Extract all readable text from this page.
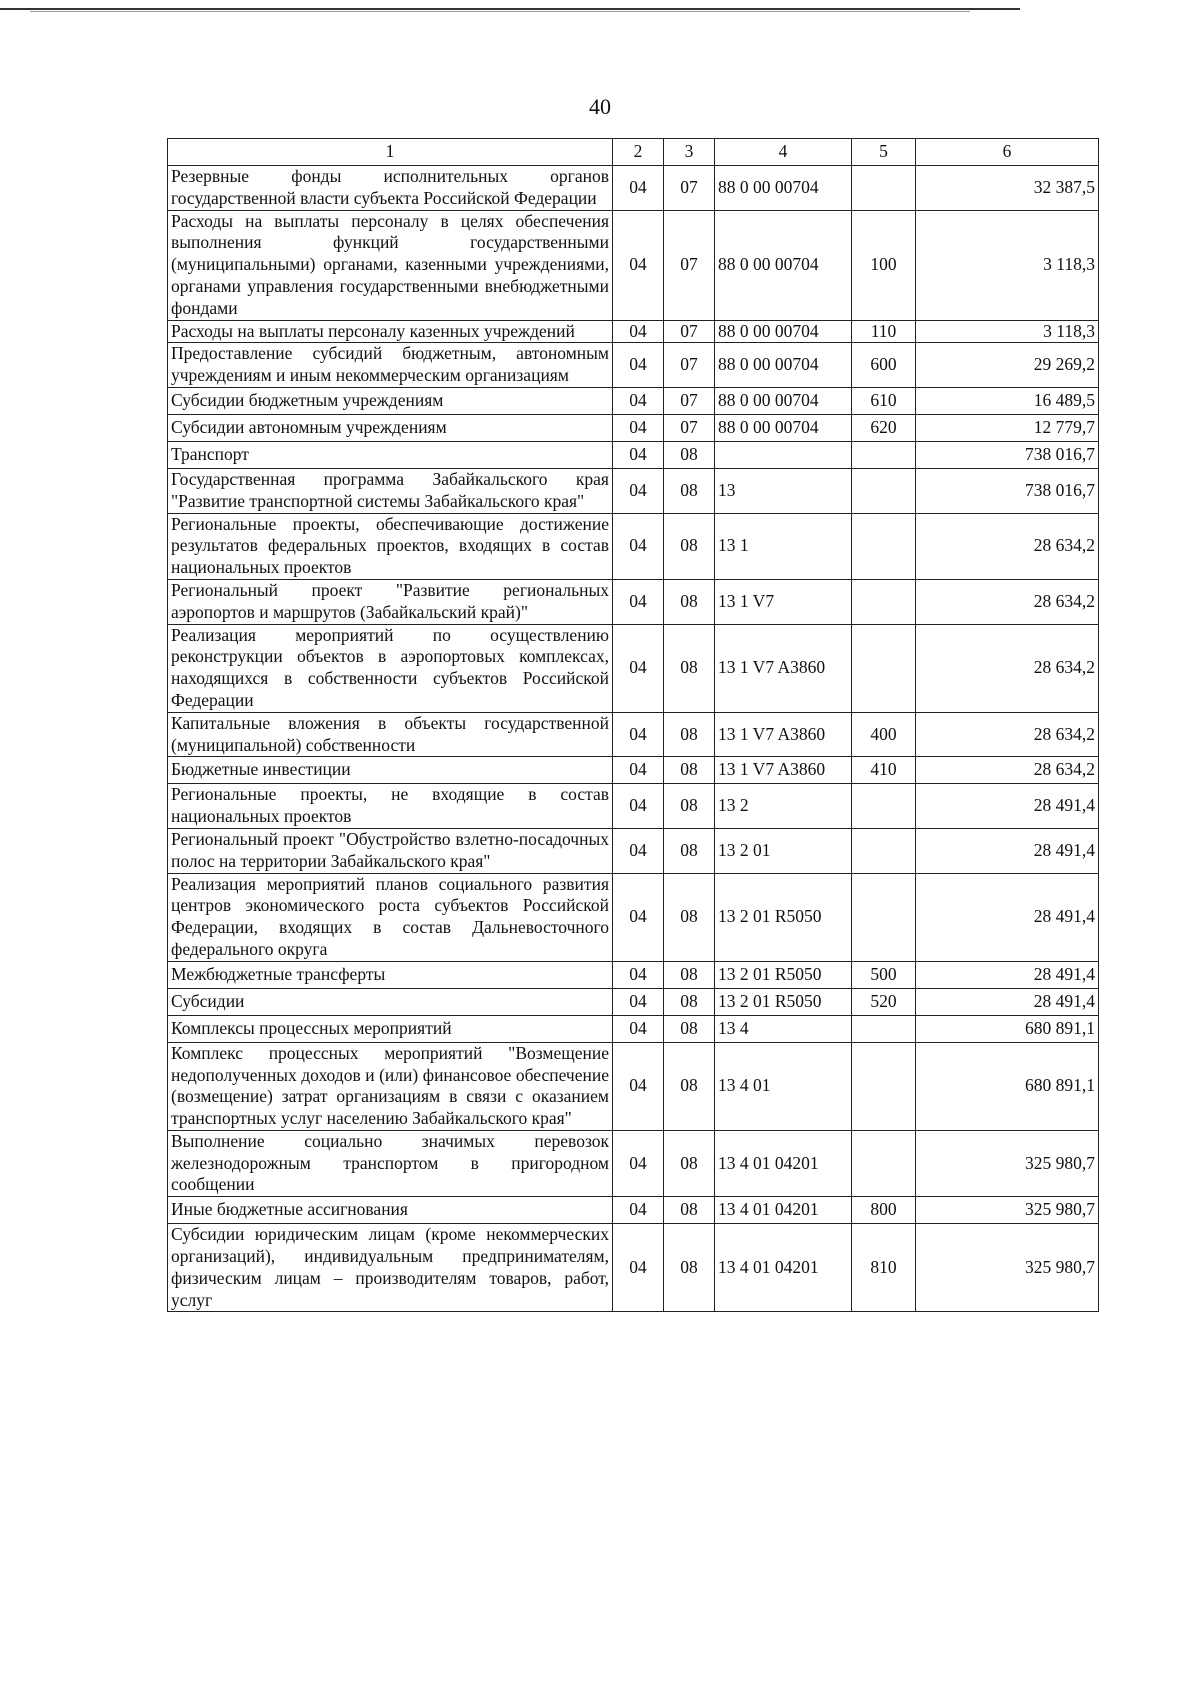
40
1	2	3	4	5	6
Резервные фонды исполнительных органов государственной власти субъекта Российской Федерации	04	07	88 0 00 00704		32 387,5
Расходы на выплаты персоналу в целях обеспечения выполнения функций государственными (муниципальными) органами, казенными учреждениями, органами управления государственными внебюджетными фондами	04	07	88 0 00 00704	100	3 118,3
Расходы на выплаты персоналу казенных учреждений	04	07	88 0 00 00704	110	3 118,3
Предоставление субсидий бюджетным, автономным учреждениям и иным некоммерческим организациям	04	07	88 0 00 00704	600	29 269,2
Субсидии бюджетным учреждениям	04	07	88 0 00 00704	610	16 489,5
Субсидии автономным учреждениям	04	07	88 0 00 00704	620	12 779,7
Транспорт	04	08			738 016,7
Государственная программа Забайкальского края "Развитие транспортной системы Забайкальского края"	04	08	13		738 016,7
Региональные проекты, обеспечивающие достижение результатов федеральных проектов, входящих в состав национальных проектов	04	08	13 1		28 634,2
Региональный проект "Развитие региональных аэропортов и маршрутов (Забайкальский край)"	04	08	13 1 V7		28 634,2
Реализация мероприятий по осуществлению реконструкции объектов в аэропортовых комплексах, находящихся в собственности субъектов Российской Федерации	04	08	13 1 V7 A3860		28 634,2
Капитальные вложения в объекты государственной (муниципальной) собственности	04	08	13 1 V7 A3860	400	28 634,2
Бюджетные инвестиции	04	08	13 1 V7 A3860	410	28 634,2
Региональные проекты, не входящие в состав национальных проектов	04	08	13 2		28 491,4
Региональный проект "Обустройство взлетно-посадочных полос на территории Забайкальского края"	04	08	13 2 01		28 491,4
Реализация мероприятий планов социального развития центров экономического роста субъектов Российской Федерации, входящих в состав Дальневосточного федерального округа	04	08	13 2 01 R5050		28 491,4
Межбюджетные трансферты	04	08	13 2 01 R5050	500	28 491,4
Субсидии	04	08	13 2 01 R5050	520	28 491,4
Комплексы процессных мероприятий	04	08	13 4		680 891,1
Комплекс процессных мероприятий "Возмещение недополученных доходов и (или) финансовое обеспечение (возмещение) затрат организациям в связи с оказанием транспортных услуг населению Забайкальского края"	04	08	13 4 01		680 891,1
Выполнение социально значимых перевозок железнодорожным транспортом в пригородном сообщении	04	08	13 4 01 04201		325 980,7
Иные бюджетные ассигнования	04	08	13 4 01 04201	800	325 980,7
Субсидии юридическим лицам (кроме некоммерческих организаций), индивидуальным предпринимателям, физическим лицам – производителям товаров, работ, услуг	04	08	13 4 01 04201	810	325 980,7
